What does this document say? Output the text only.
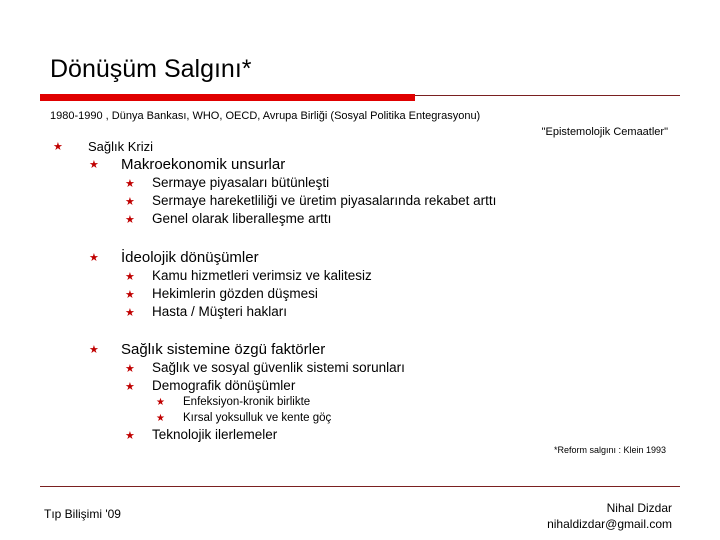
Dönüşüm Salgını*
1980-1990 , Dünya Bankası, WHO, OECD, Avrupa Birliği (Sosyal Politika Entegrasyonu)
"Epistemolojik Cemaatler"
★ Sağlık Krizi
★ Makroekonomik unsurlar
★ Sermaye piyasaları bütünleşti
★ Sermaye hareketliliği ve üretim piyasalarında rekabet arttı
★ Genel olarak liberalleşme arttı
★ İdeolojik dönüşümler
★ Kamu hizmetleri verimsiz ve kalitesiz
★ Hekimlerin gözden düşmesi
★ Hasta / Müşteri hakları
★ Sağlık sistemine özgü faktörler
★ Sağlık ve sosyal güvenlik sistemi sorunları
★ Demografik dönüşümler
★ Enfeksiyon-kronik birlikte
★ Kırsal yoksulluk ve kente göç
★ Teknolojik ilerlemeler
*Reform salgını : Klein 1993
Tıp Bilişimi '09	Nihal Dizdar
nihaldizdar@gmail.com
